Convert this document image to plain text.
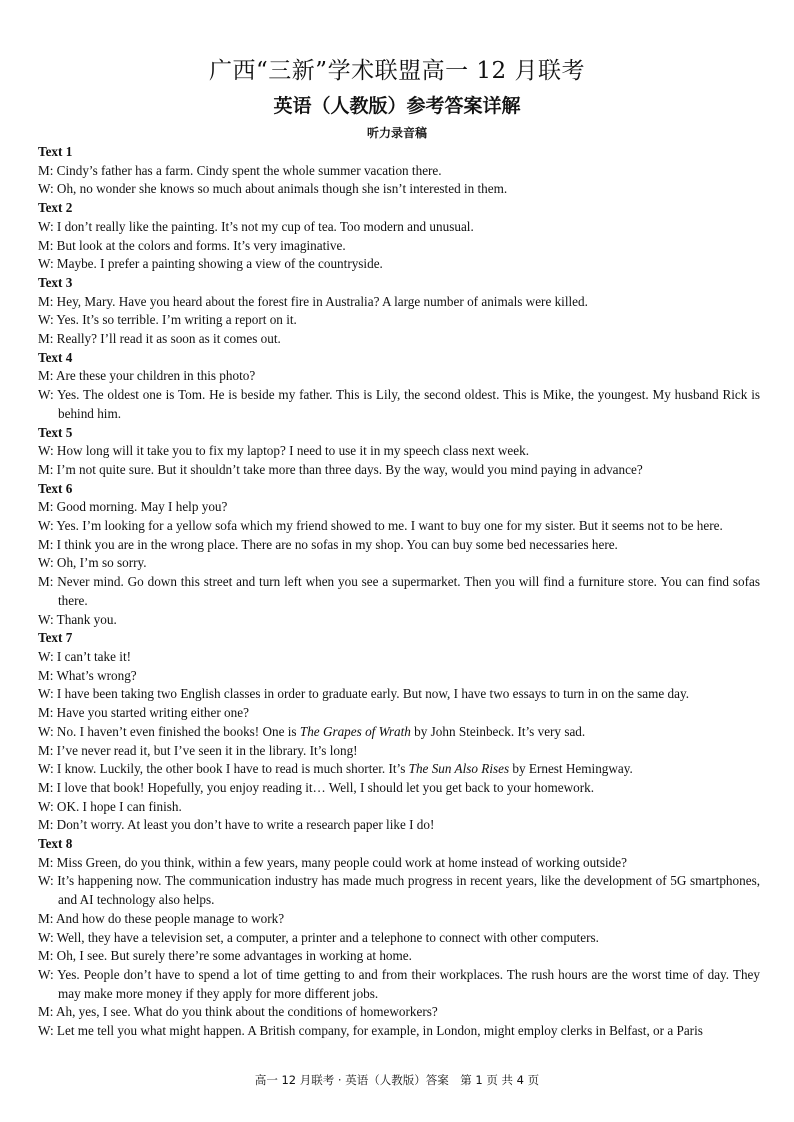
广西“三新”学术联盟高一 12 月联考
英语（人教版）参考答案详解
听力录音稿
Text 1
M: Cindy’s father has a farm. Cindy spent the whole summer vacation there.
W: Oh, no wonder she knows so much about animals though she isn’t interested in them.
Text 2
W: I don’t really like the painting. It’s not my cup of tea. Too modern and unusual.
M: But look at the colors and forms. It’s very imaginative.
W: Maybe. I prefer a painting showing a view of the countryside.
Text 3
M: Hey, Mary. Have you heard about the forest fire in Australia? A large number of animals were killed.
W: Yes. It’s so terrible. I’m writing a report on it.
M: Really? I’ll read it as soon as it comes out.
Text 4
M: Are these your children in this photo?
W: Yes. The oldest one is Tom. He is beside my father. This is Lily, the second oldest. This is Mike, the youngest. My husband Rick is behind him.
Text 5
W: How long will it take you to fix my laptop? I need to use it in my speech class next week.
M: I’m not quite sure. But it shouldn’t take more than three days. By the way, would you mind paying in advance?
Text 6
M: Good morning. May I help you?
W: Yes. I’m looking for a yellow sofa which my friend showed to me. I want to buy one for my sister. But it seems not to be here.
M: I think you are in the wrong place. There are no sofas in my shop. You can buy some bed necessaries here.
W: Oh, I’m so sorry.
M: Never mind. Go down this street and turn left when you see a supermarket. Then you will find a furniture store. You can find sofas there.
W: Thank you.
Text 7
W: I can’t take it!
M: What’s wrong?
W: I have been taking two English classes in order to graduate early. But now, I have two essays to turn in on the same day.
M: Have you started writing either one?
W: No. I haven’t even finished the books! One is The Grapes of Wrath by John Steinbeck. It’s very sad.
M: I’ve never read it, but I’ve seen it in the library. It’s long!
W: I know. Luckily, the other book I have to read is much shorter. It’s The Sun Also Rises by Ernest Hemingway.
M: I love that book! Hopefully, you enjoy reading it… Well, I should let you get back to your homework.
W: OK. I hope I can finish.
M: Don’t worry. At least you don’t have to write a research paper like I do!
Text 8
M: Miss Green, do you think, within a few years, many people could work at home instead of working outside?
W: It’s happening now. The communication industry has made much progress in recent years, like the development of 5G smartphones, and AI technology also helps.
M: And how do these people manage to work?
W: Well, they have a television set, a computer, a printer and a telephone to connect with other computers.
M: Oh, I see. But surely there’re some advantages in working at home.
W: Yes. People don’t have to spend a lot of time getting to and from their workplaces. The rush hours are the worst time of day. They may make more money if they apply for more different jobs.
M: Ah, yes, I see. What do you think about the conditions of homeworkers?
W: Let me tell you what might happen. A British company, for example, in London, might employ clerks in Belfast, or a Paris
高一 12 月联考 · 英语（人教版）答案　第 1 页 共 4 页
